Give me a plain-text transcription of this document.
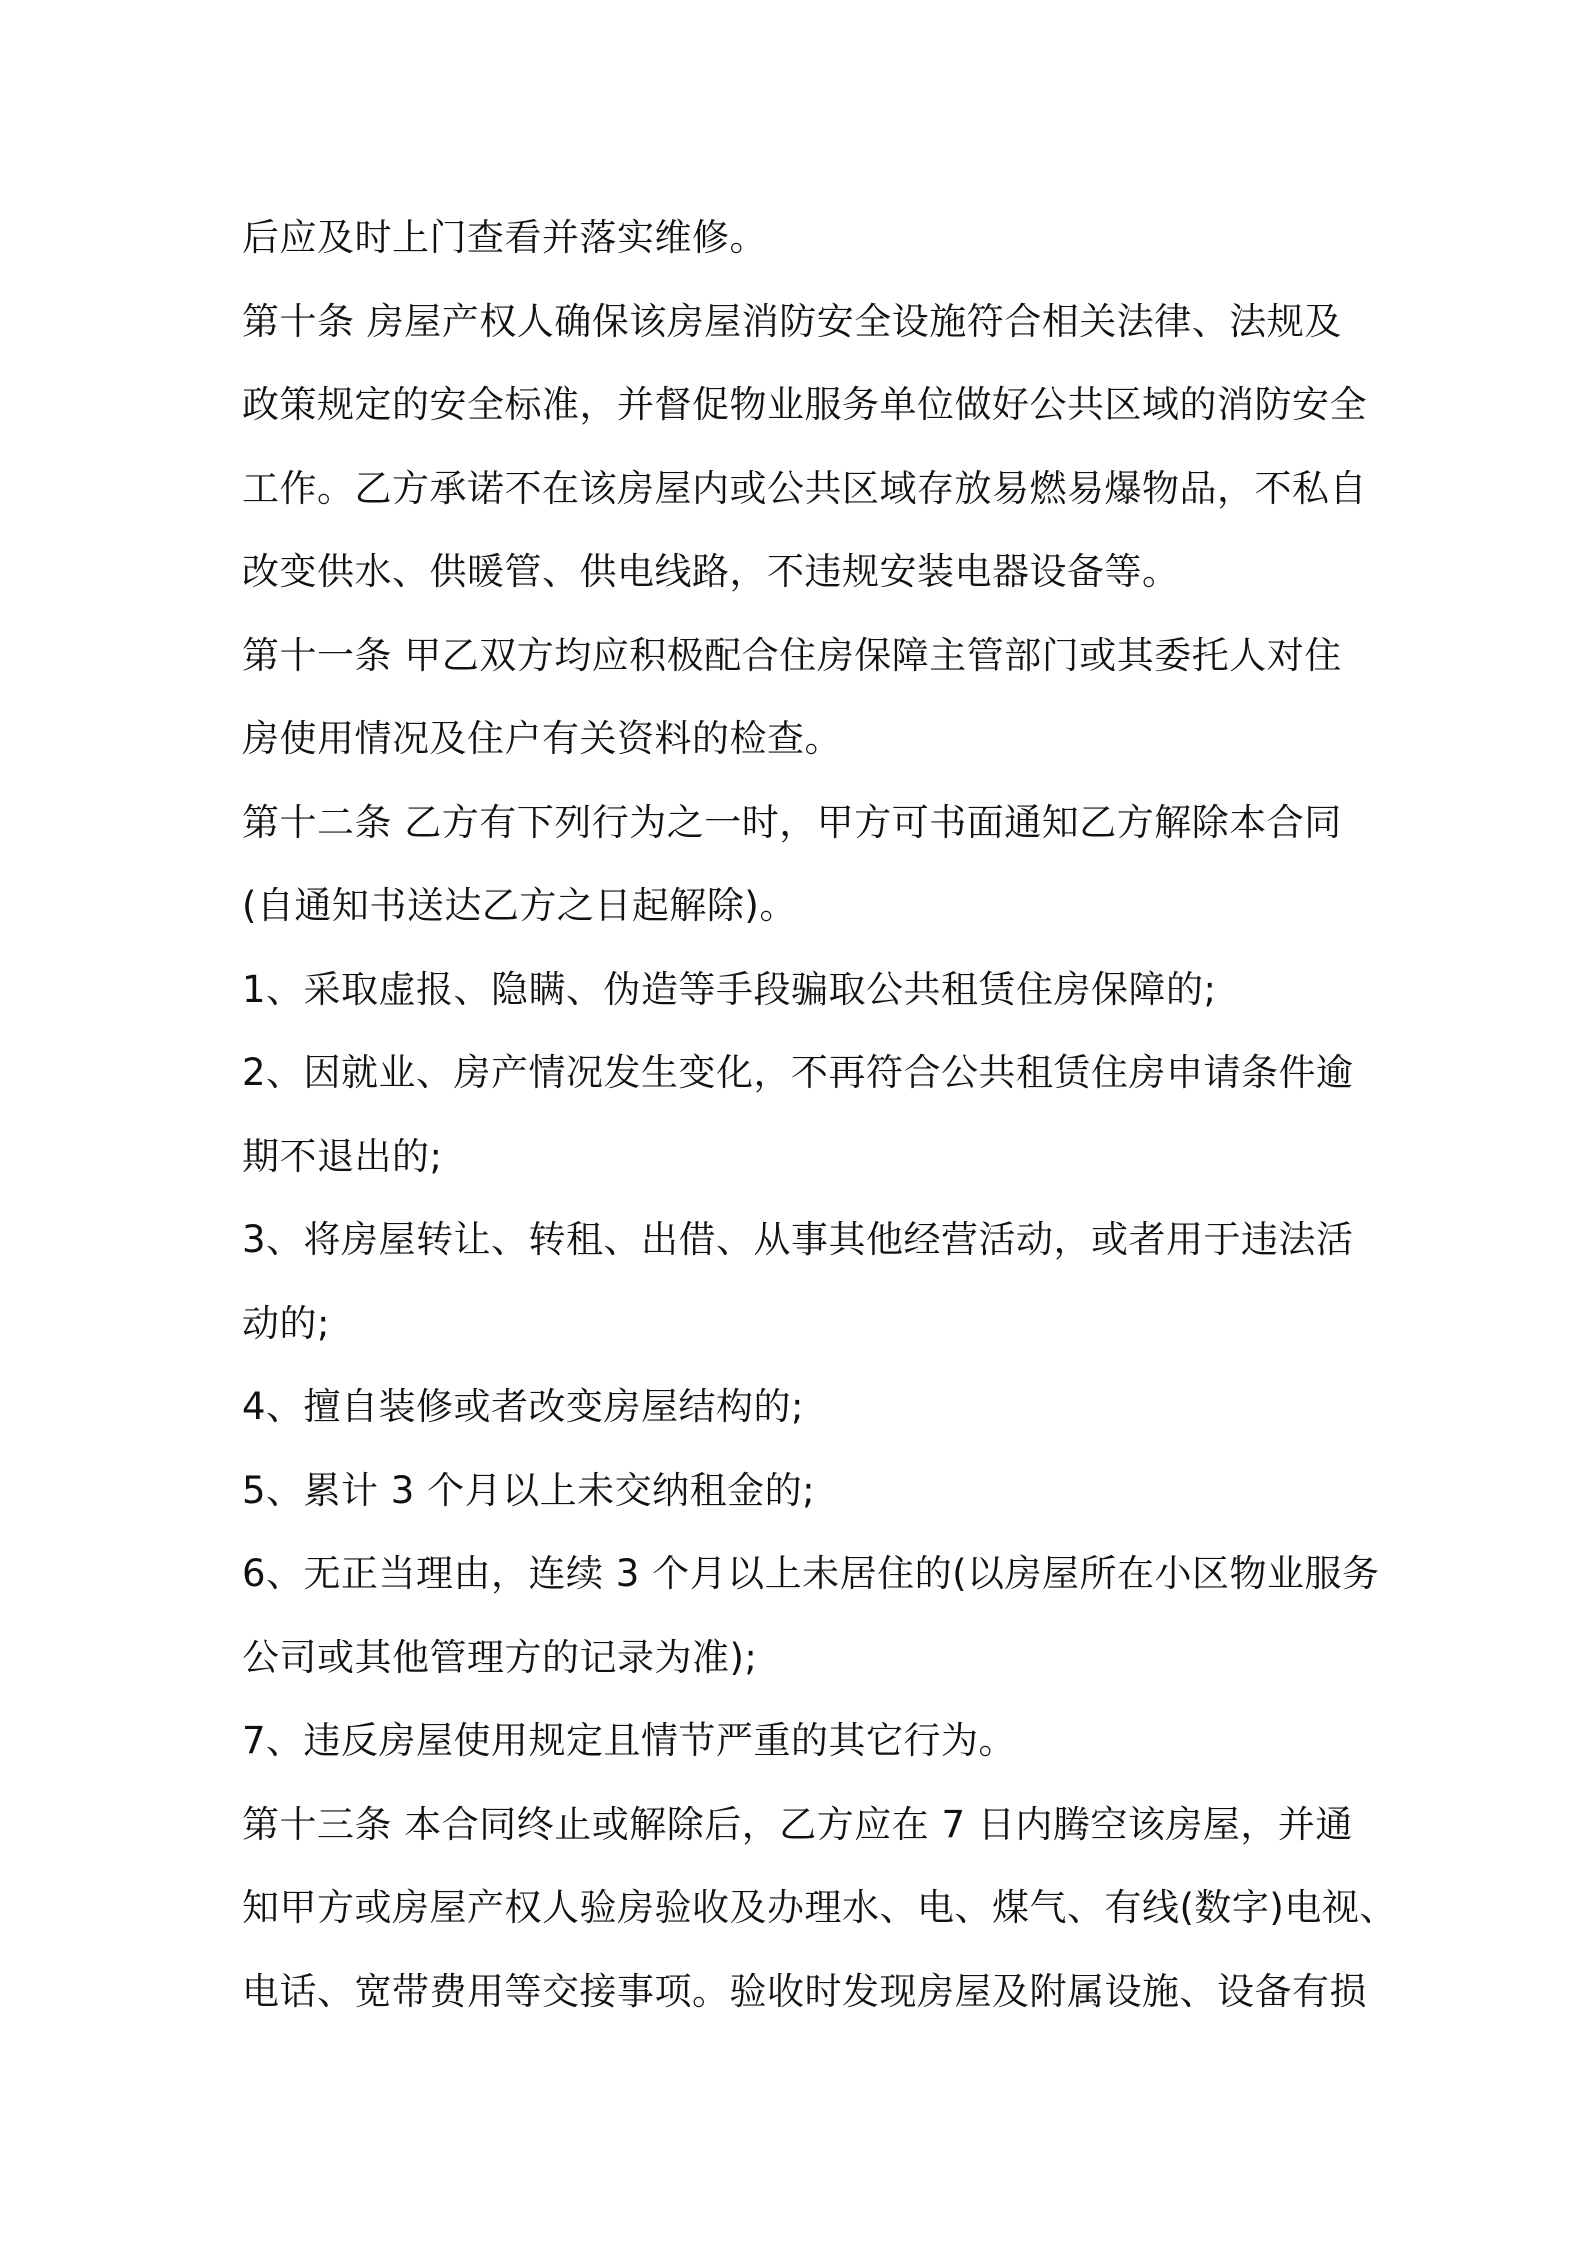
后应及时上门查看并落实维修。
第十条 房屋产权人确保该房屋消防安全设施符合相关法律、法规及
政策规定的安全标准，并督促物业服务单位做好公共区域的消防安全
工作。乙方承诺不在该房屋内或公共区域存放易燃易爆物品，不私自
改变供水、供暖管、供电线路，不违规安装电器设备等。
第十一条 甲乙双方均应积极配合住房保障主管部门或其委托人对住
房使用情况及住户有关资料的检查。
第十二条 乙方有下列行为之一时，甲方可书面通知乙方解除本合同
(自通知书送达乙方之日起解除)。
1、采取虚报、隐瞒、伪造等手段骗取公共租赁住房保障的;
2、因就业、房产情况发生变化，不再符合公共租赁住房申请条件逾
期不退出的;
3、将房屋转让、转租、出借、从事其他经营活动，或者用于违法活
动的;
4、擅自装修或者改变房屋结构的;
5、累计 3 个月以上未交纳租金的;
6、无正当理由，连续 3 个月以上未居住的(以房屋所在小区物业服务
公司或其他管理方的记录为准);
7、违反房屋使用规定且情节严重的其它行为。
第十三条 本合同终止或解除后，乙方应在 7 日内腾空该房屋，并通
知甲方或房屋产权人验房验收及办理水、电、煤气、有线(数字)电视、
电话、宽带费用等交接事项。验收时发现房屋及附属设施、设备有损
